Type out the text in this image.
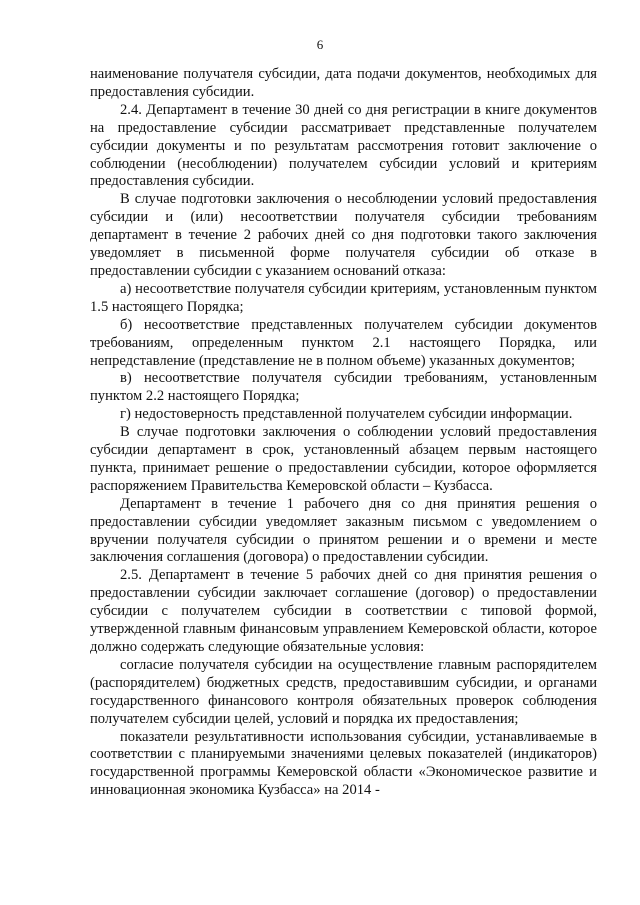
6

наименование получателя субсидии, дата подачи документов, необходимых для предоставления субсидии.

2.4. Департамент в течение 30 дней со дня регистрации в книге документов на предоставление субсидии рассматривает представленные получателем субсидии документы и по результатам рассмотрения готовит заключение о соблюдении (несоблюдении) получателем субсидии условий и критериям предоставления субсидии.

В случае подготовки заключения о несоблюдении условий предоставления субсидии и (или) несоответствии получателя субсидии требованиям департамент в течение 2 рабочих дней со дня подготовки такого заключения уведомляет в письменной форме получателя субсидии об отказе в предоставлении субсидии с указанием оснований отказа:

а) несоответствие получателя субсидии критериям, установленным пунктом 1.5 настоящего Порядка;

б) несоответствие представленных получателем субсидии документов требованиям, определенным пунктом 2.1 настоящего Порядка, или непредставление (представление не в полном объеме) указанных документов;

в) несоответствие получателя субсидии требованиям, установленным пунктом 2.2 настоящего Порядка;

г) недостоверность представленной получателем субсидии информации.

В случае подготовки заключения о соблюдении условий предоставления субсидии департамент в срок, установленный абзацем первым настоящего пункта, принимает решение о предоставлении субсидии, которое оформляется распоряжением Правительства Кемеровской области – Кузбасса.

Департамент в течение 1 рабочего дня со дня принятия решения о предоставлении субсидии уведомляет заказным письмом с уведомлением о вручении получателя субсидии о принятом решении и о времени и месте заключения соглашения (договора) о предоставлении субсидии.

2.5. Департамент в течение 5 рабочих дней со дня принятия решения о предоставлении субсидии заключает соглашение (договор) о предоставлении субсидии с получателем субсидии в соответствии с типовой формой, утвержденной главным финансовым управлением Кемеровской области, которое должно содержать следующие обязательные условия:

согласие получателя субсидии на осуществление главным распорядителем (распорядителем) бюджетных средств, предоставившим субсидии, и органами государственного финансового контроля обязательных проверок соблюдения получателем субсидии целей, условий и порядка их предоставления;

показатели результативности использования субсидии, устанавливаемые в соответствии с планируемыми значениями целевых показателей (индикаторов) государственной программы Кемеровской области «Экономическое развитие и инновационная экономика Кузбасса» на 2014 -
